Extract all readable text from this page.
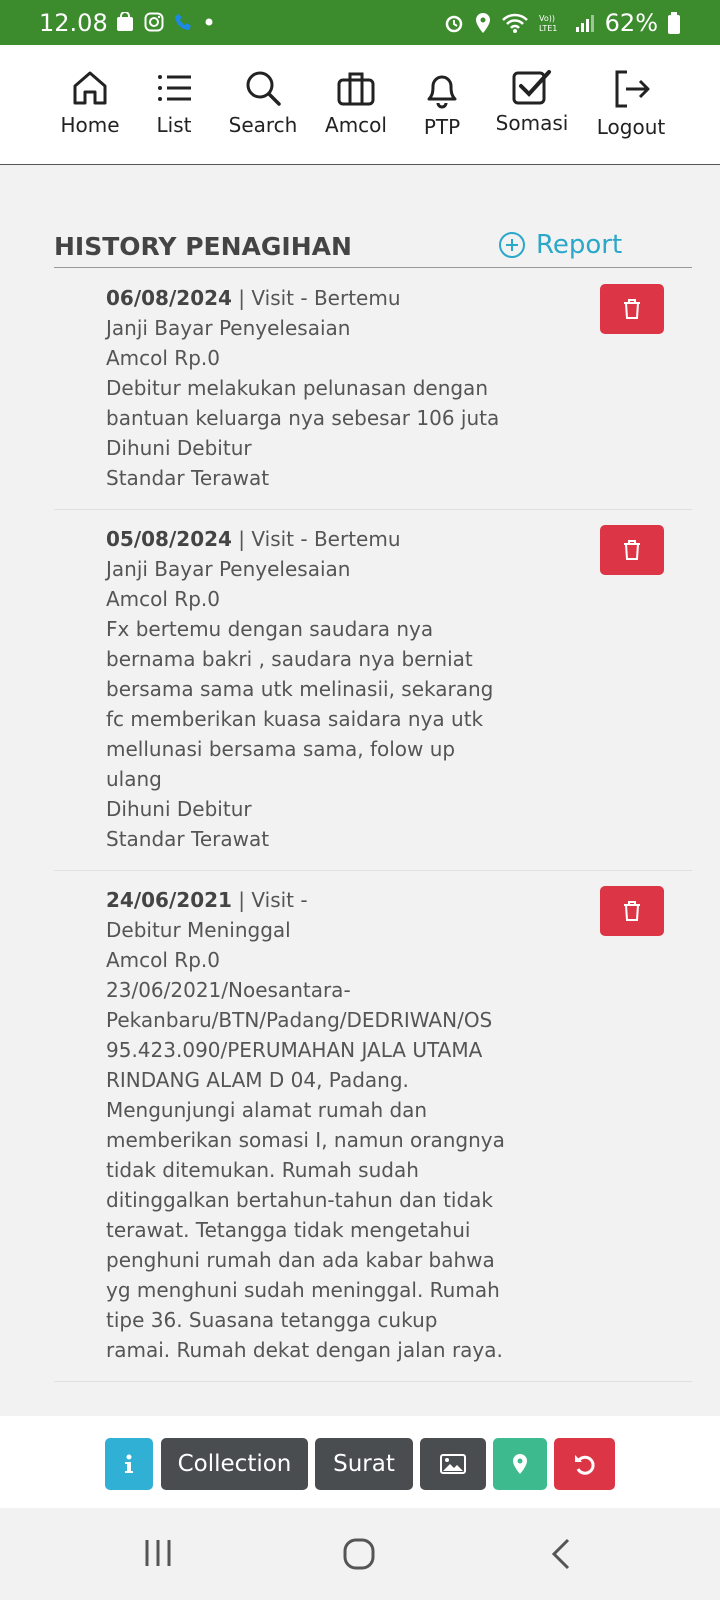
12.08	Vo))
LTE1 62%
Home	List	Search	Amcol	PTP	Somasi	Logout
HISTORY PENAGIHAN	Report
06/08/2024 | Visit - Bertemu
Janji Bayar Penyelesaian
Amcol Rp.0
Debitur melakukan pelunasan dengan bantuan keluarga nya sebesar 106 juta
Dihuni Debitur
Standar Terawat
05/08/2024 | Visit - Bertemu
Janji Bayar Penyelesaian
Amcol Rp.0
Fx bertemu dengan saudara nya bernama bakri , saudara nya berniat bersama sama utk melinasii, sekarang fc memberikan kuasa saidara nya utk mellunasi bersama sama, folow up ulang
Dihuni Debitur
Standar Terawat
24/06/2021 | Visit -
Debitur Meninggal
Amcol Rp.0
23/06/2021/Noesantara-Pekanbaru/BTN/Padang/DEDRIWAN/OS 95.423.090/PERUMAHAN JALA UTAMA RINDANG ALAM D 04, Padang. Mengunjungi alamat rumah dan memberikan somasi I, namun orangnya tidak ditemukan. Rumah sudah ditinggalkan bertahun-tahun dan tidak terawat. Tetangga tidak mengetahui penghuni rumah dan ada kabar bahwa yg menghuni sudah meninggal. Rumah tipe 36. Suasana tetangga cukup ramai. Rumah dekat dengan jalan raya.
Collection	Surat
